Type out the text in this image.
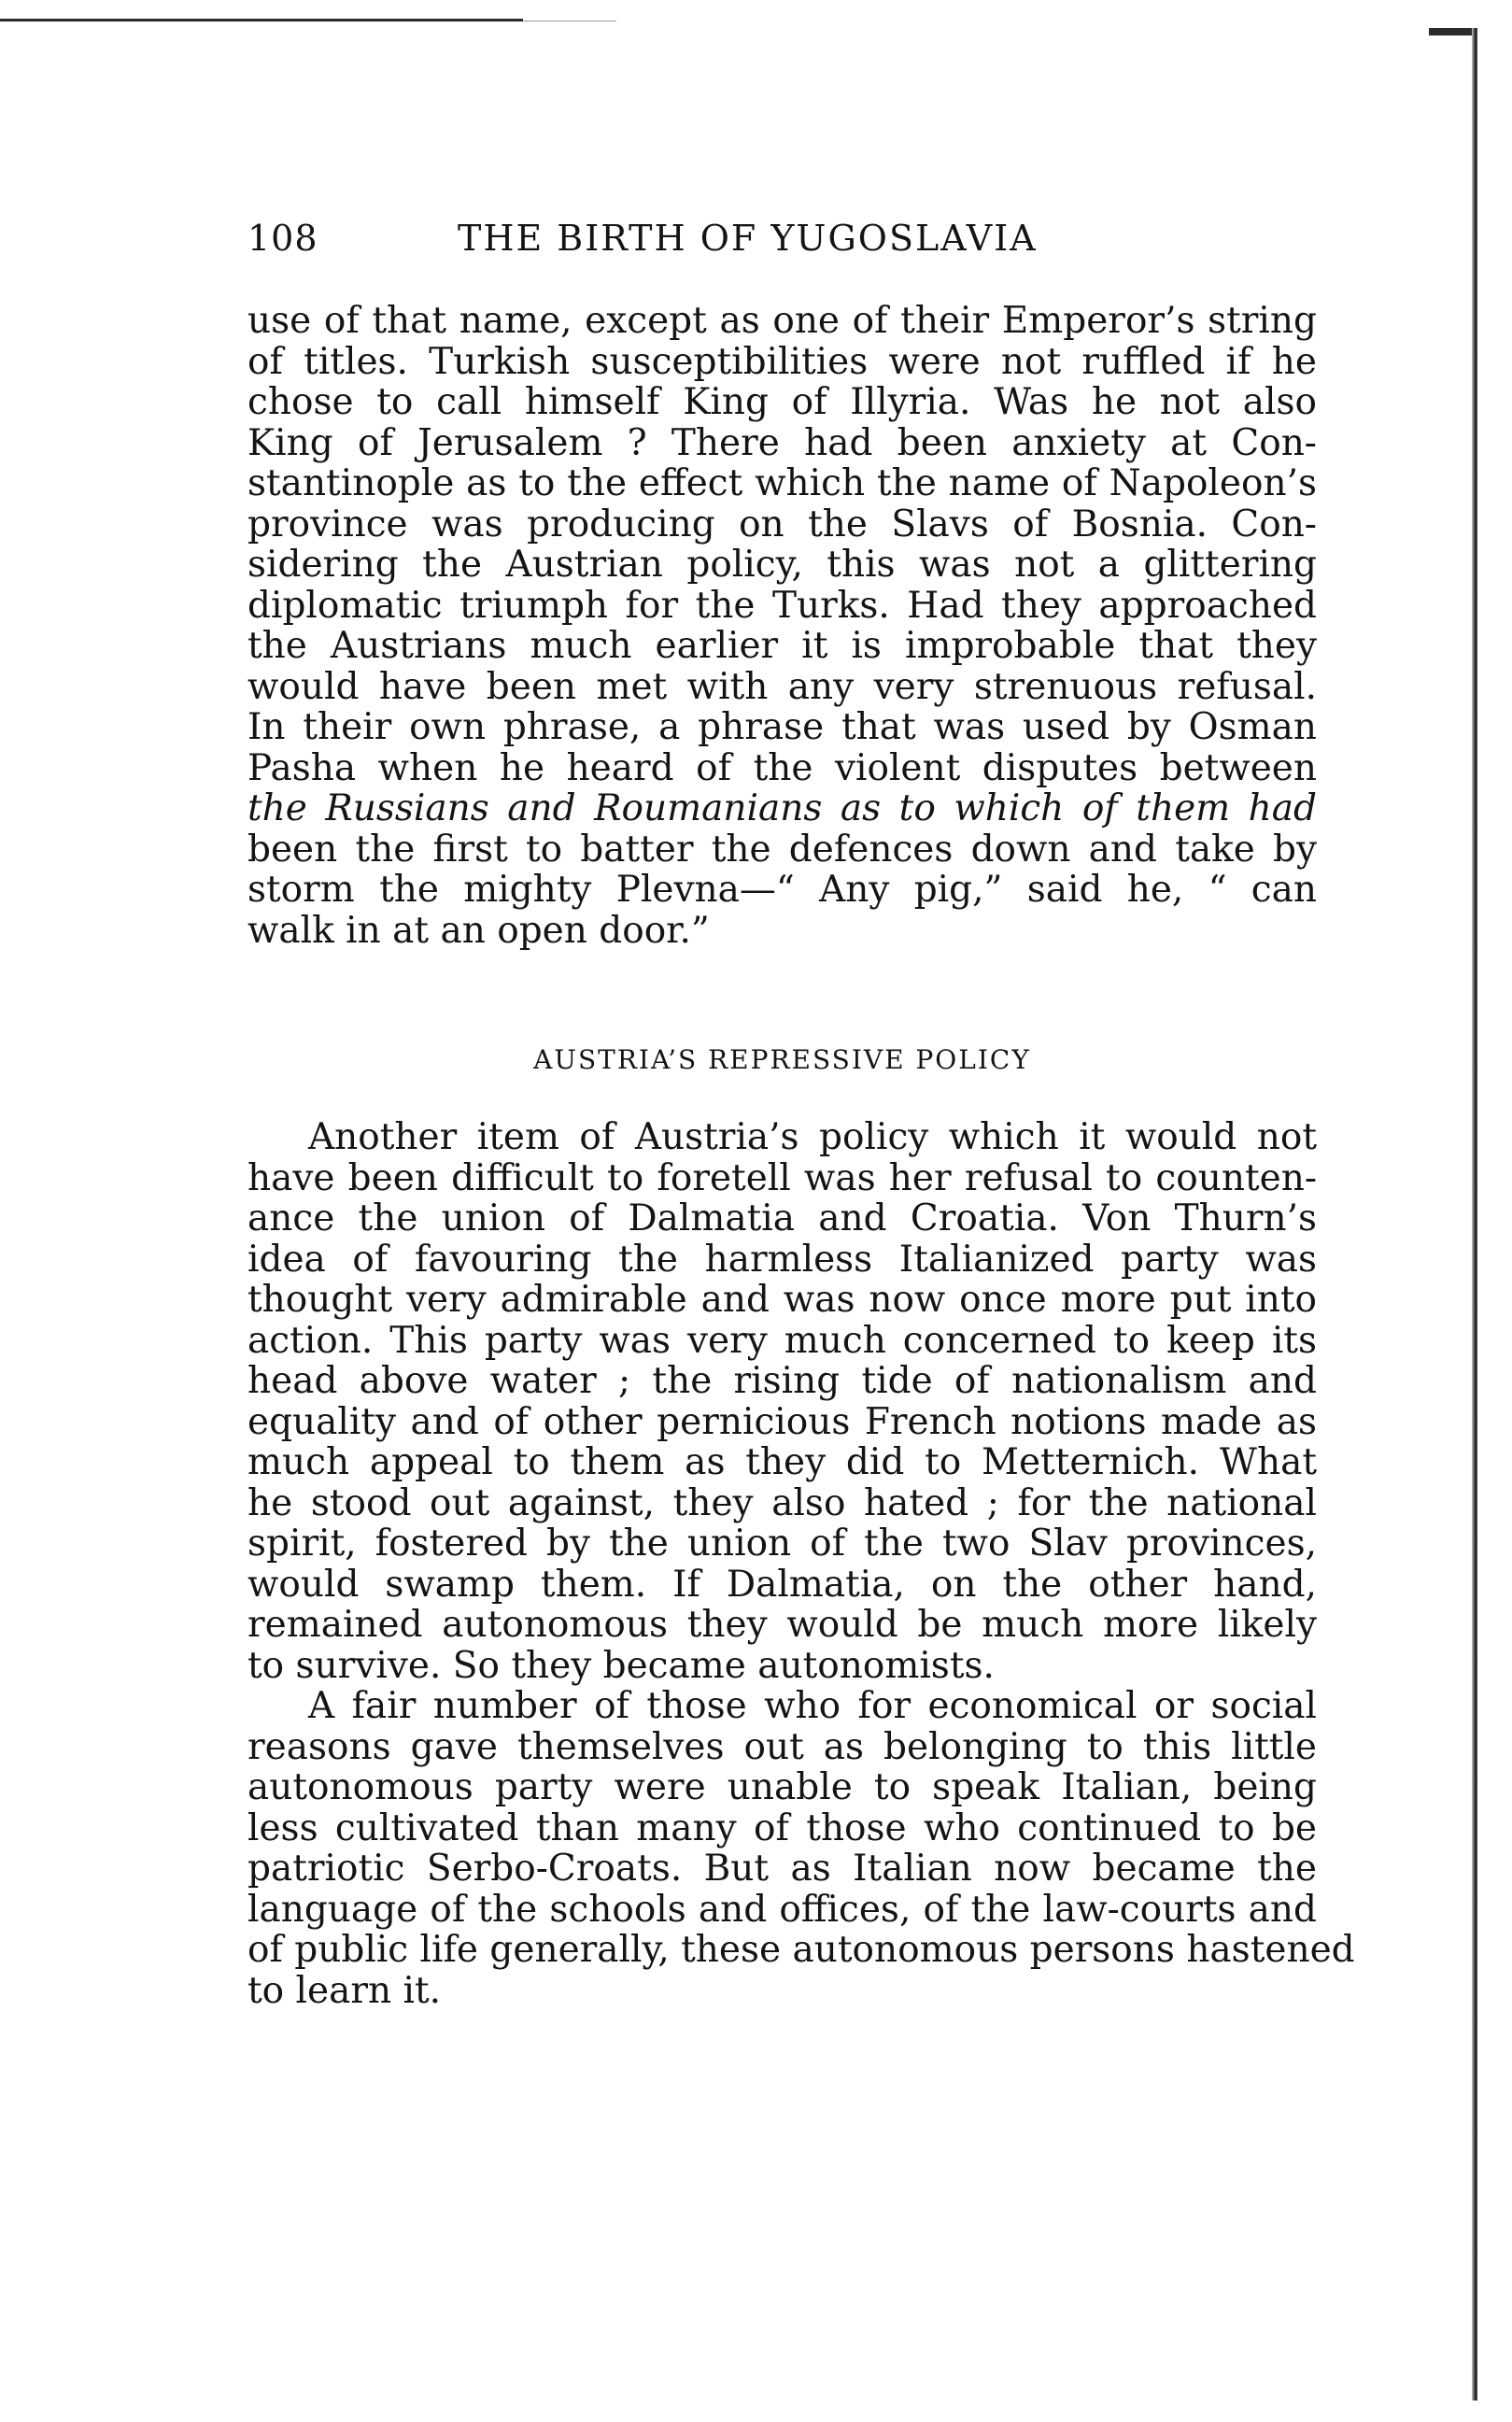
108	THE BIRTH OF YUGOSLAVIA
use of that name, except as one of their Emperor’s string
of titles. Turkish susceptibilities were not ruffled if he
chose to call himself King of Illyria. Was he not also
King of Jerusalem ? There had been anxiety at Con-
stantinople as to the effect which the name of Napoleon’s
province was producing on the Slavs of Bosnia. Con-
sidering the Austrian policy, this was not a glittering
diplomatic triumph for the Turks. Had they approached
the Austrians much earlier it is improbable that they
would have been met with any very strenuous refusal.
In their own phrase, a phrase that was used by Osman
Pasha when he heard of the violent disputes between
the Russians and Roumanians as to which of them had
been the first to batter the defences down and take by
storm the mighty Plevna—“ Any pig,” said he, “ can
walk in at an open door.”
AUSTRIA’S REPRESSIVE POLICY
Another item of Austria’s policy which it would not
have been difficult to foretell was her refusal to counten-
ance the union of Dalmatia and Croatia. Von Thurn’s
idea of favouring the harmless Italianized party was
thought very admirable and was now once more put into
action. This party was very much concerned to keep its
head above water ; the rising tide of nationalism and
equality and of other pernicious French notions made as
much appeal to them as they did to Metternich. What
he stood out against, they also hated ; for the national
spirit, fostered by the union of the two Slav provinces,
would swamp them. If Dalmatia, on the other hand,
remained autonomous they would be much more likely
to survive. So they became autonomists.
A fair number of those who for economical or social
reasons gave themselves out as belonging to this little
autonomous party were unable to speak Italian, being
less cultivated than many of those who continued to be
patriotic Serbo-Croats. But as Italian now became the
language of the schools and offices, of the law-courts and
of public life generally, these autonomous persons hastened
to learn it.
